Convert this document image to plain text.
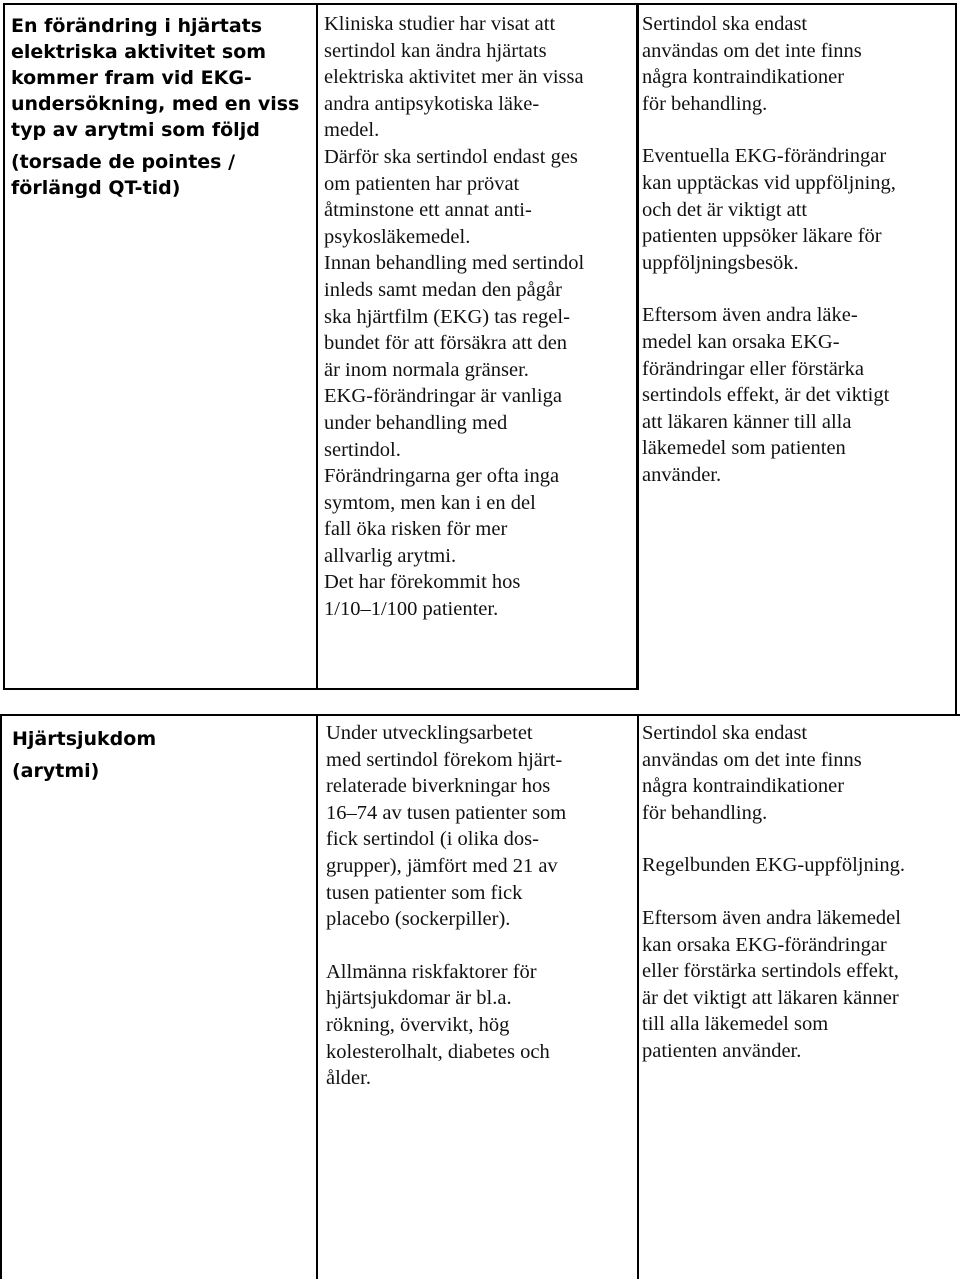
En förändring i hjärtats
elektriska aktivitet som
kommer fram vid EKG-
undersökning, med en viss
typ av arytmi som följd

(torsade de pointes /
förlängd QT-tid)

Kliniska studier har visat att
sertindol kan ändra hjärtats
elektriska aktivitet mer än vissa
andra antipsykotiska läke-
medel.

Därför ska sertindol endast ges
om patienten har prövat
åtminstone ett annat anti-
psykosläkemedel.

Innan behandling med sertindol
inleds samt medan den pågår
ska hjärtfilm (EKG) tas regel-
bundet för att försäkra att den
är inom normala gränser.

EKG-förändringar är vanliga
under behandling med
sertindol.

Förändringarna ger ofta inga
symtom, men kan i en del
fall öka risken för mer
allvarlig arytmi.

Det har förekommit hos
1/10–1/100 patienter.

Sertindol ska endast
användas om det inte finns
några kontraindikationer
för behandling.

Eventuella EKG-förändringar
kan upptäckas vid uppföljning,
och det är viktigt att
patienten uppsöker läkare för
uppföljningsbesök.

Eftersom även andra läke-
medel kan orsaka EKG-
förändringar eller förstärka
sertindols effekt, är det viktigt
att läkaren känner till alla
läkemedel som patienten
använder.

Hjärtsjukdom

(arytmi)

Under utvecklingsarbetet
med sertindol förekom hjärt-
relaterade biverkningar hos
16–74 av tusen patienter som
fick sertindol (i olika dos-
grupper), jämfört med 21 av
tusen patienter som fick
placebo (sockerpiller).

Allmänna riskfaktorer för
hjärtsjukdomar är bl.a.
rökning, övervikt, hög
kolesterolhalt, diabetes och
ålder.

Sertindol ska endast
användas om det inte finns
några kontraindikationer
för behandling.

Regelbunden EKG-uppföljning.

Eftersom även andra läkemedel
kan orsaka EKG-förändringar
eller förstärka sertindols effekt,
är det viktigt att läkaren känner
till alla läkemedel som
patienten använder.
